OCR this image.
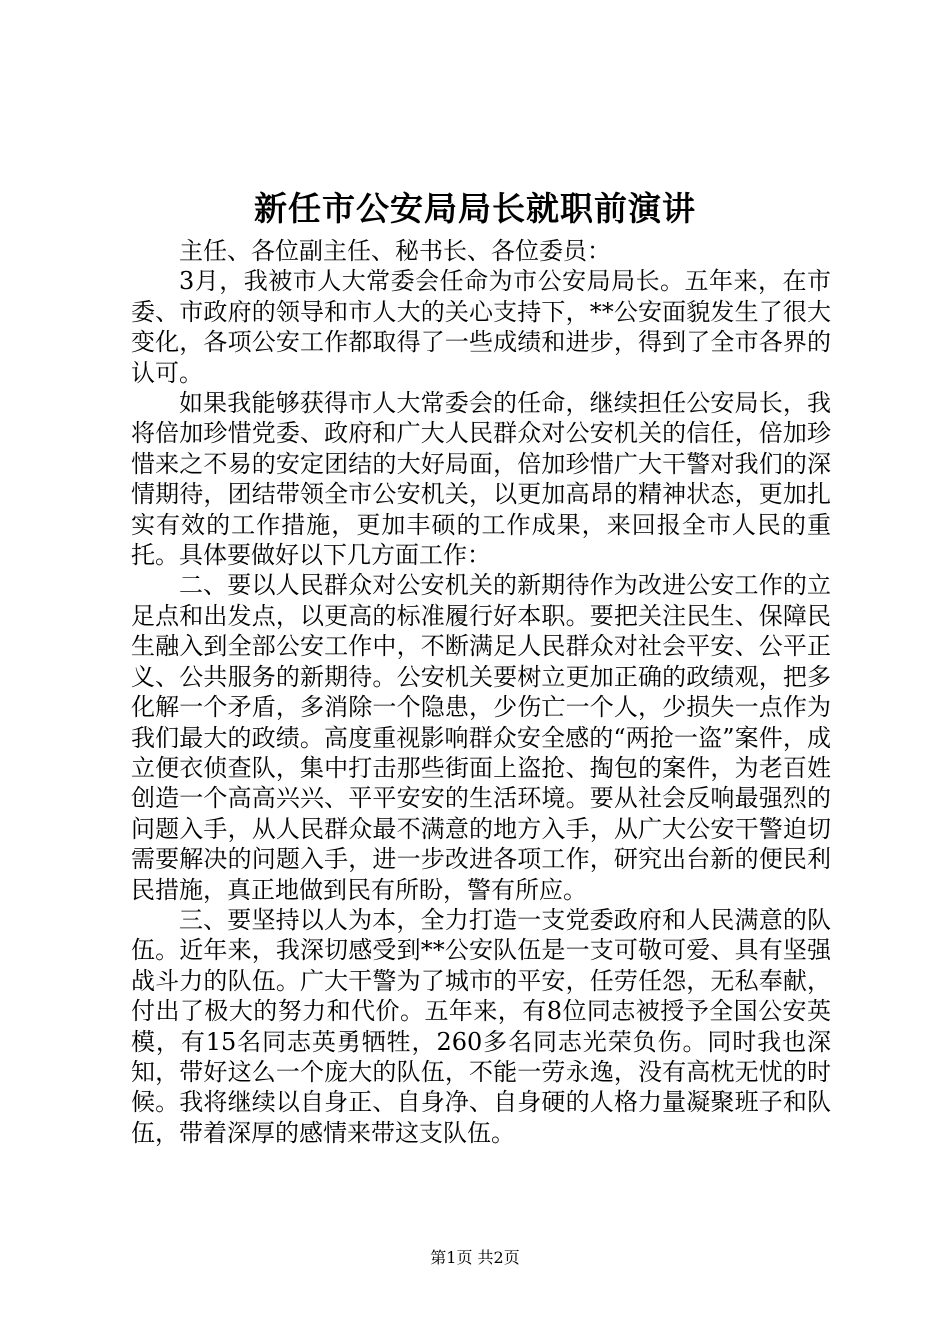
新任市公安局局长就职前演讲

主任、各位副主任、秘书长、各位委员：

3月，我被市人大常委会任命为市公安局局长。五年来，在市委、市政府的领导和市人大的关心支持下，**公安面貌发生了很大变化，各项公安工作都取得了一些成绩和进步，得到了全市各界的认可。

如果我能够获得市人大常委会的任命，继续担任公安局长，我将倍加珍惜党委、政府和广大人民群众对公安机关的信任，倍加珍惜来之不易的安定团结的大好局面，倍加珍惜广大干警对我们的深情期待，团结带领全市公安机关，以更加高昂的精神状态，更加扎实有效的工作措施，更加丰硕的工作成果，来回报全市人民的重托。具体要做好以下几方面工作：

二、要以人民群众对公安机关的新期待作为改进公安工作的立足点和出发点，以更高的标准履行好本职。要把关注民生、保障民生融入到全部公安工作中，不断满足人民群众对社会平安、公平正义、公共服务的新期待。公安机关要树立更加正确的政绩观，把多化解一个矛盾，多消除一个隐患，少伤亡一个人，少损失一点作为我们最大的政绩。高度重视影响群众安全感的“两抢一盗”案件，成立便衣侦查队，集中打击那些街面上盗抢、掏包的案件，为老百姓创造一个高高兴兴、平平安安的生活环境。要从社会反响最强烈的问题入手，从人民群众最不满意的地方入手，从广大公安干警迫切需要解决的问题入手，进一步改进各项工作，研究出台新的便民利民措施，真正地做到民有所盼，警有所应。

三、要坚持以人为本，全力打造一支党委政府和人民满意的队伍。近年来，我深切感受到**公安队伍是一支可敬可爱、具有坚强战斗力的队伍。广大干警为了城市的平安，任劳任怨，无私奉献，付出了极大的努力和代价。五年来，有8位同志被授予全国公安英模，有15名同志英勇牺牲，260多名同志光荣负伤。同时我也深知，带好这么一个庞大的队伍，不能一劳永逸，没有高枕无忧的时候。我将继续以自身正、自身净、自身硬的人格力量凝聚班子和队伍，带着深厚的感情来带这支队伍。

第1页 共2页
